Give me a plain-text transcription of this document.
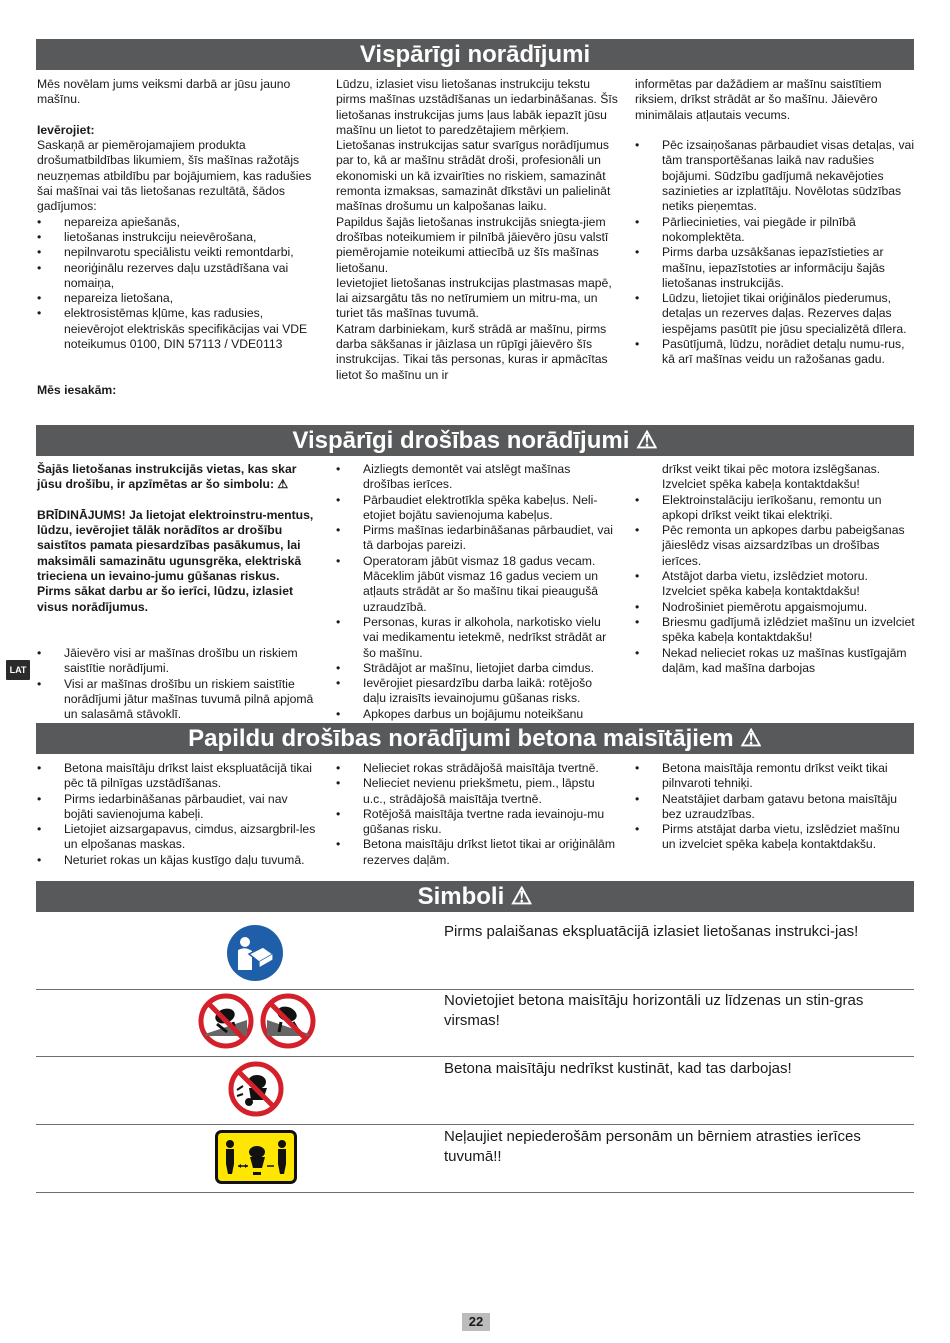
Vispārīgi norādījumi

Mēs novēlam jums veiksmi darbā ar jūsu jauno mašīnu.

Ievērojiet:

Saskaņā ar piemērojamajiem produkta drošumatbildības likumiem, šīs mašīnas ražotājs neuzņemas atbildību par bojājumiem, kas radušies šai mašīnai vai tās lietošanas rezultātā, šādos gadījumos:

• nepareiza apiešanās,
• lietošanas instrukciju neievērošana,
• nepilnvarotu speciālistu veikti remontdarbi,
• neoriģinālu rezerves daļu uzstādīšana vai nomaiņa,
• nepareiza lietošana,
• elektrosistēmas kļūme, kas radusies, neievērojot elektriskās specifikācijas vai VDE noteikumus 0100, DIN 57113 / VDE0113

Mēs iesakām:

Lūdzu, izlasiet visu lietošanas instrukciju tekstu pirms mašīnas uzstādīšanas un iedarbināšanas. Šīs lietošanas instrukcijas jums ļaus labāk iepazīt jūsu mašīnu un lietot to paredzētajiem mērķiem.

Lietošanas instrukcijas satur svarīgus norādījumus par to, kā ar mašīnu strādāt droši, profesionāli un ekonomiski un kā izvairīties no riskiem, samazināt remonta izmaksas, samazināt dīkstāvi un palielināt mašīnas drošumu un kalpošanas laiku.

Papildus šajās lietošanas instrukcijās sniegta-jiem drošības noteikumiem ir pilnībā jāievēro jūsu valstī piemērojamie noteikumi attiecībā uz šīs mašīnas lietošanu.

Ievietojiet lietošanas instrukcijas plastmasas mapē, lai aizsargātu tās no netīrumiem un mitru-ma, un turiet tās mašīnas tuvumā.

Katram darbiniekam, kurš strādā ar mašīnu, pirms darba sākšanas ir jāizlasa un rūpīgi jāievēro šīs instrukcijas. Tikai tās personas, kuras ir apmācītas lietot šo mašīnu un ir

informētas par dažādiem ar mašīnu saistītiem riksiem, drīkst strādāt ar šo mašīnu. Jāievēro minimālais atļautais vecums.

• Pēc izsaiņošanas pārbaudiet visas detaļas, vai tām transportēšanas laikā nav radušies bojājumi. Sūdzību gadījumā nekavējoties sazinieties ar izplatītāju. Novēlotas sūdzības netiks pieņemtas.
• Pārliecinieties, vai piegāde ir pilnībā nokomplektēta.
• Pirms darba uzsākšanas iepazīstieties ar mašīnu, iepazīstoties ar informāciju šajās lietošanas instrukcijās.
• Lūdzu, lietojiet tikai oriģinālos piederumus, detaļas un rezerves daļas. Rezerves daļas iespējams pasūtīt pie jūsu specializētā dīlera.
• Pasūtījumā, lūdzu, norādiet detaļu numu-rus, kā arī mašīnas veidu un ražošanas gadu.
Vispārīgi drošības norādījumi ⚠

Šajās lietošanas instrukcijās vietas, kas skar jūsu drošību, ir apzīmētas ar šo simbolu: ⚠

BRĪDINĀJUMS! Ja lietojat elektroinstru-mentus, lūdzu, ievērojiet tālāk norādītos ar drošību saistītos pamata piesardzības pasākumus, lai maksimāli samazinātu ugunsgrēka, elektriskā trieciena un ievaino-jumu gūšanas riskus.

Pirms sākat darbu ar šo ierīci, lūdzu, izlasiet visus norādījumus.

• Jāievēro visi ar mašīnas drošību un riskiem saistītie norādījumi.
• Visi ar mašīnas drošību un riskiem saistītie norādījumi jātur mašīnas tuvumā pilnā apjomā un salasāmā stāvoklī.
• Aizliegts demontēt vai atslēgt mašīnas drošības ierīces.
• Pārbaudiet elektrotīkla spēka kabeļus. Neli-etojiet bojātu savienojuma kabeļus.
• Pirms mašīnas iedarbināšanas pārbaudiet, vai tā darbojas pareizi.
• Operatoram jābūt vismaz 18 gadus vecam. Māceklim jābūt vismaz 16 gadus veciem un atļauts strādāt ar šo mašīnu tikai pieaugušā uzraudzībā.
• Personas, kuras ir alkohola, narkotisko vielu vai medikamentu ietekmē, nedrīkst strādāt ar šo mašīnu.
• Strādājot ar mašīnu, lietojiet darba cimdus.
• Ievērojiet piesardzību darba laikā: rotējošo daļu izraisīts ievainojumu gūšanas risks.
• Apkopes darbus un bojājumu noteikšanu
drīkst veikt tikai pēc motora izslēgšanas. Izvelciet spēka kabeļa kontaktdakšu!
• Elektroinstalāciju ierīkošanu, remontu un apkopi drīkst veikt tikai elektriķi.
• Pēc remonta un apkopes darbu pabeigšanas jāieslēdz visas aizsardzības un drošības ierīces.
• Atstājot darba vietu, izslēdziet motoru. Izvelciet spēka kabeļa kontaktdakšu!
• Nodrošiniet piemērotu apgaismojumu.
• Briesmu gadījumā izlēdziet mašīnu un izvelciet spēka kabeļa kontaktdakšu!
• Nekad nelieciet rokas uz mašīnas kustīgajām daļām, kad mašīna darbojas
LAT
Papildu drošības norādījumi betona maisītājiem ⚠
• Betona maisītāju drīkst laist ekspluatācijā tikai pēc tā pilnīgas uzstādīšanas.
• Pirms iedarbināšanas pārbaudiet, vai nav bojāti savienojuma kabeļi.
• Lietojiet aizsargapavus, cimdus, aizsargbril-les un elpošanas maskas.
• Neturiet rokas un kājas kustīgo daļu tuvumā.
• Nelieciet rokas strādājošā maisītāja tvertnē.
• Nelieciet nevienu priekšmetu, piem., lāpstu u.c., strādājošā maisītāja tvertnē.
• Rotējošā maisītāja tvertne rada ievainoju-mu gūšanas risku.
• Betona maisītāju drīkst lietot tikai ar oriģinālām rezerves daļām.
• Betona maisītāja remontu drīkst veikt tikai pilnvaroti tehniķi.
• Neatstājiet darbam gatavu betona maisītāju bez uzraudzības.
• Pirms atstājat darba vietu, izslēdziet mašīnu un izvelciet spēka kabeļa kontaktdakšu.
Simboli ⚠
Pirms palaišanas ekspluatācijā izlasiet lietošanas instrukci-jas!
Novietojiet betona maisītāju horizontāli uz līdzenas un stin-gras virsmas!
Betona maisītāju nedrīkst kustināt, kad tas darbojas!
Neļaujiet nepiederošām personām un bērniem atrasties ierīces tuvumā!!
22
